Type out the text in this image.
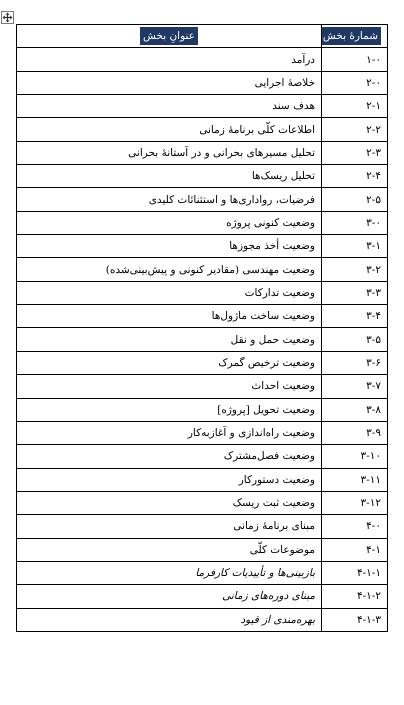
شمارهٔ بخش	عنوانِ بخش
۱-۰	درآمد
۲-۰	خلاصهٔ اجرایی
۲-۱	هدف سند
۲-۲	اطلاعات کلّی برنامهٔ زمانی
۲-۳	تحلیل مسیرهای بحرانی و در آستانهٔ بحرانی
۲-۴	تحلیل ریسک‌ها
۲-۵	فرضیات، رواداری‌ها و استثنائات کلیدی
۳-۰	وضعیت کنونی پروژه
۳-۱	وضعیت أخذ مجوزها
۳-۲	وضعیت مهندسی (مقادیر کنونی و پیش‌بینی‌شده)
۳-۳	وضعیت تدارکات
۳-۴	وضعیت ساخت ماژول‌ها
۳-۵	وضعیت حمل و نقل
۳-۶	وضعیت ترخیص گمرک
۳-۷	وضعیت احداث
۳-۸	وضعیت تحویل [پروژه]
۳-۹	وضعیت راه‌اندازی و آغازبه‌کار
۳-۱۰	وضعیت فصل‌مشترک
۳-۱۱	وضعیت دستورکار
۳-۱۲	وضعیت ثبت ریسک
۴-۰	مبنای برنامهٔ زمانی
۴-۱	موضوعات کلّی
۴-۱-۱	بازبینی‌ها و تأییدیات کارفرما
۴-۱-۲	مبنای دوره‌های زمانی
۴-۱-۳	بهره‌مندی از قیود
